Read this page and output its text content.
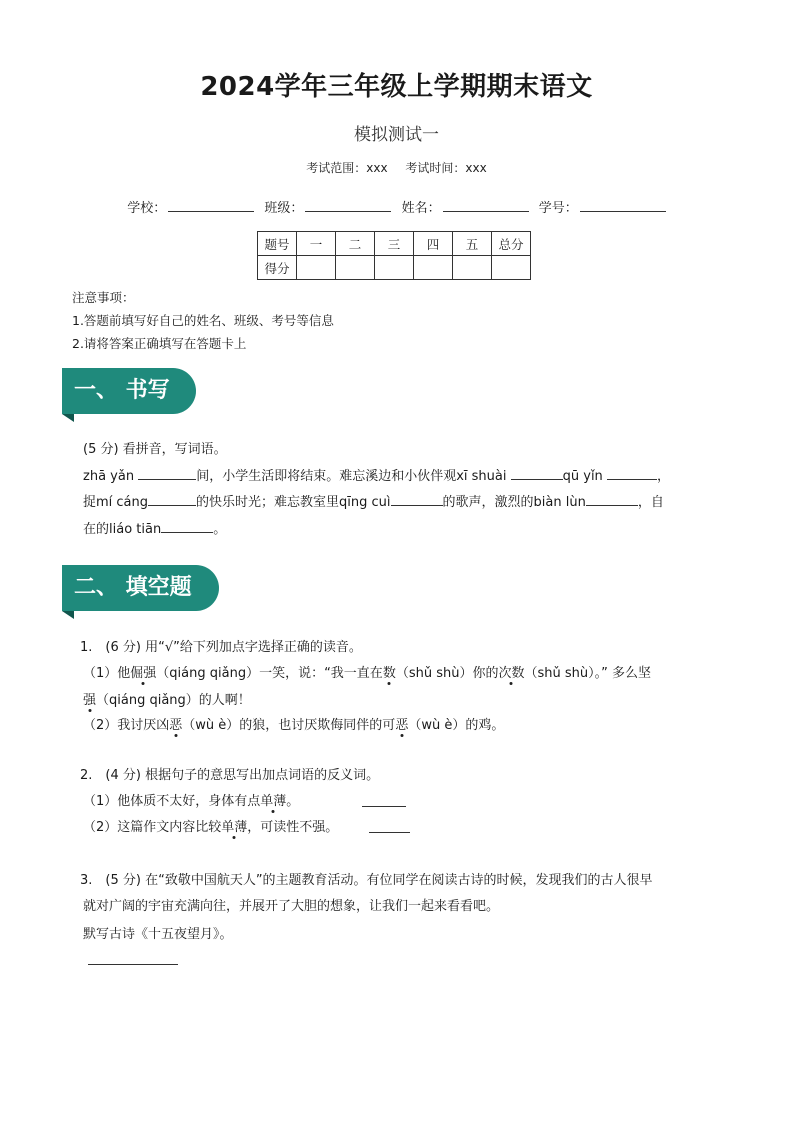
2024学年三年级上学期期末语文
模拟测试一
考试范围：xxx 考试时间：xxx
学校：	班级：	姓名：	学号：
题号	一	二	三	四	五	总分
得分						
注意事项：
1.答题前填写好自己的姓名、班级、考号等信息
2.请将答案正确填写在答题卡上
一、 书写
(5 分) 看拼音，写词语。
zhā yǎn	间，小学生活即将结束。难忘溪边和小伙伴观xī shuài	qū yǐn	，
捉mí cáng	的快乐时光；难忘教室里qīng cuì	的歌声，激烈的biàn lùn	，自
在的liáo tiān	。
二、 填空题
1.　(6 分) 用“√”给下列加点字选择正确的读音。
（1）他倔强（qiáng qiǎng）一笑，说：“我一直在数（shǔ shù）你的次数（shǔ shù）。” 多么坚
强（qiáng qiǎng）的人啊！
（2）我讨厌凶恶（wù è）的狼，也讨厌欺侮同伴的可恶（wù è）的鸡。
2.　(4 分) 根据句子的意思写出加点词语的反义词。
（1）他体质不太好，身体有点单薄。
（2）这篇作文内容比较单薄，可读性不强。
3.　(5 分) 在“致敬中国航天人”的主题教育活动。有位同学在阅读古诗的时候，发现我们的古人很早
就对广阔的宇宙充满向往，并展开了大胆的想象，让我们一起来看看吧。
默写古诗《十五夜望月》。
